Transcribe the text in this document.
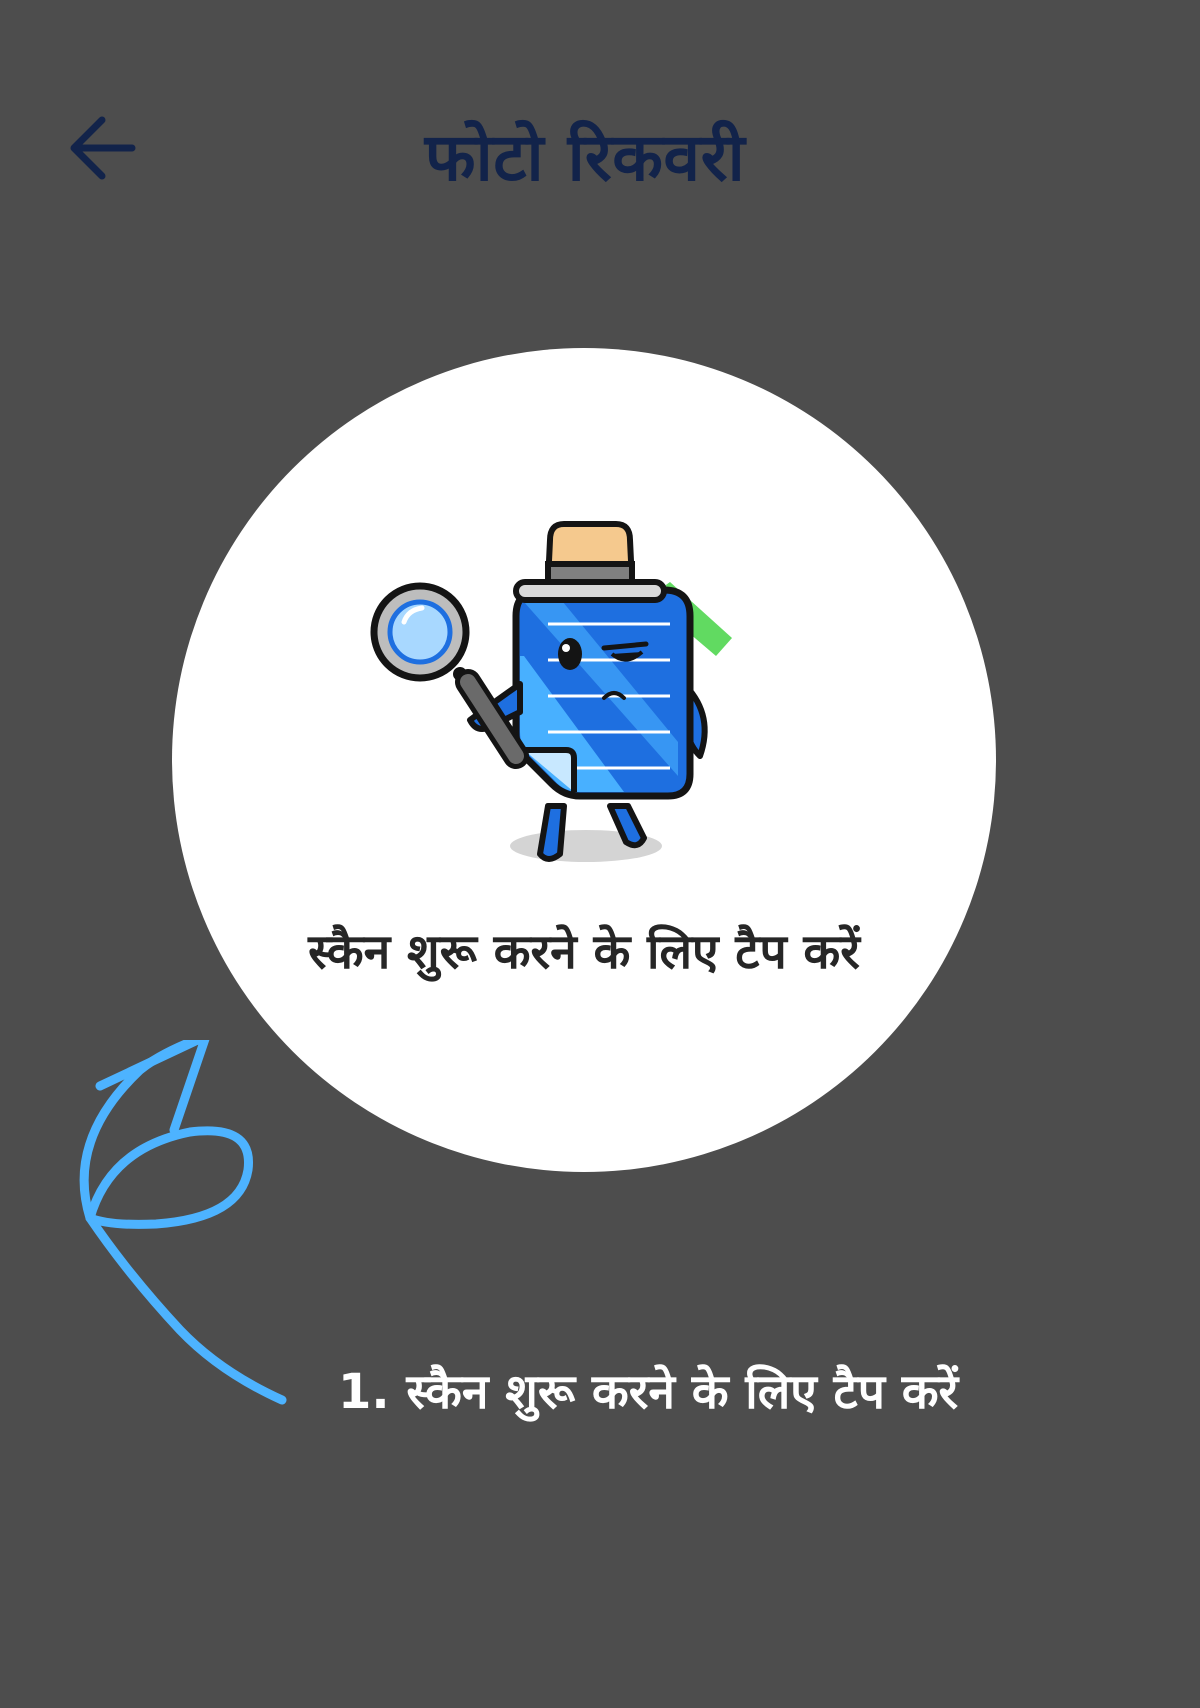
फोटो रिकवरी
स्कैन शुरू करने के लिए टैप करें
1. स्कैन शुरू करने के लिए टैप करें
